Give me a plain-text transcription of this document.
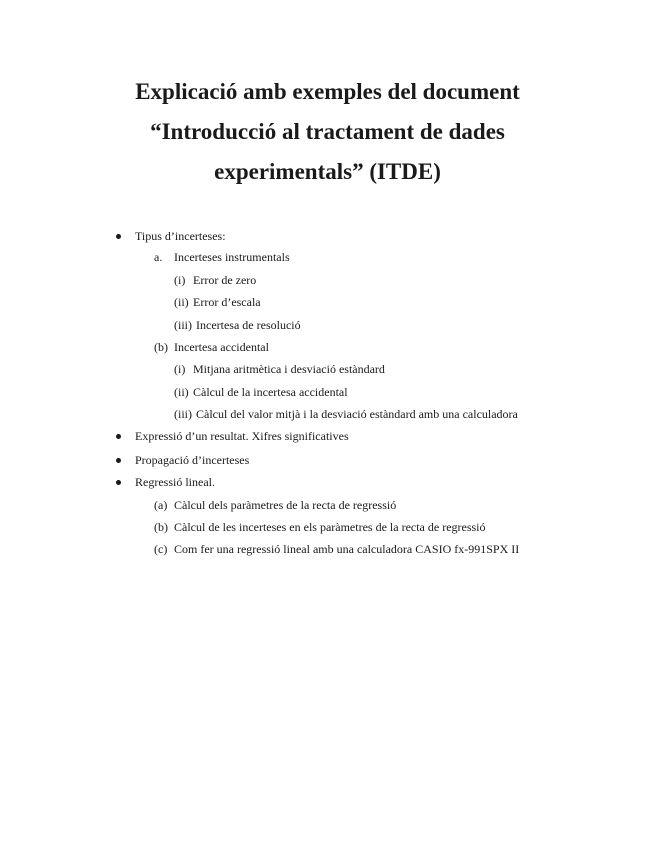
Explicació amb exemples del document
“Introducció al tractament de dades
experimentals” (ITDE)
Tipus d’incerteses:
a. Incerteses instrumentals
(i) Error de zero
(ii) Error d’escala
(iii) Incertesa de resolució
(b) Incertesa accidental
(i) Mitjana aritmètica i desviació estàndard
(ii) Càlcul de la incertesa accidental
(iii) Càlcul del valor mitjà i la desviació estàndard amb una calculadora
Expressió d’un resultat. Xifres significatives
Propagació d’incerteses
Regressió lineal.
(a) Càlcul dels paràmetres de la recta de regressió
(b) Càlcul de les incerteses en els paràmetres de la recta de regressió
(c) Com fer una regressió lineal amb una calculadora CASIO fx-991SPX II
